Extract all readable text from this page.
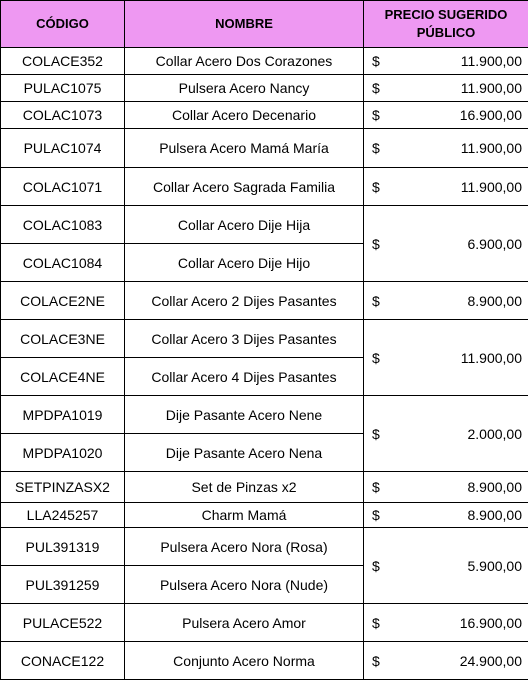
CÓDIGO	NOMBRE	PRECIO SUGERIDO PÚBLICO
COLACE352	Collar Acero Dos Corazones	$ 11.900,00

PULAC1075	Pulsera Acero Nancy	$ 11.900,00

COLAC1073	Collar Acero Decenario	$ 16.900,00

PULAC1074	Pulsera Acero Mamá María	$ 11.900,00

COLAC1071	Collar Acero Sagrada Familia	$ 11.900,00

COLAC1083	Collar Acero Dije Hija	$ 6.900,00

COLAC1084	Collar Acero Dije Hijo	
COLACE2NE	Collar Acero 2 Dijes Pasantes	$ 8.900,00

COLACE3NE	Collar Acero 3 Dijes Pasantes	$ 11.900,00

COLACE4NE	Collar Acero 4 Dijes Pasantes	
MPDPA1019	Dije Pasante Acero Nene	$ 2.000,00

MPDPA1020	Dije Pasante Acero Nena	
SETPINZASX2	Set de Pinzas x2	$ 8.900,00

LLA245257	Charm Mamá	$ 8.900,00

PUL391319	Pulsera Acero Nora (Rosa)	$ 5.900,00

PUL391259	Pulsera Acero Nora (Nude)	
PULACE522	Pulsera Acero Amor	$ 16.900,00

CONACE122	Conjunto Acero Norma	$ 24.900,00
